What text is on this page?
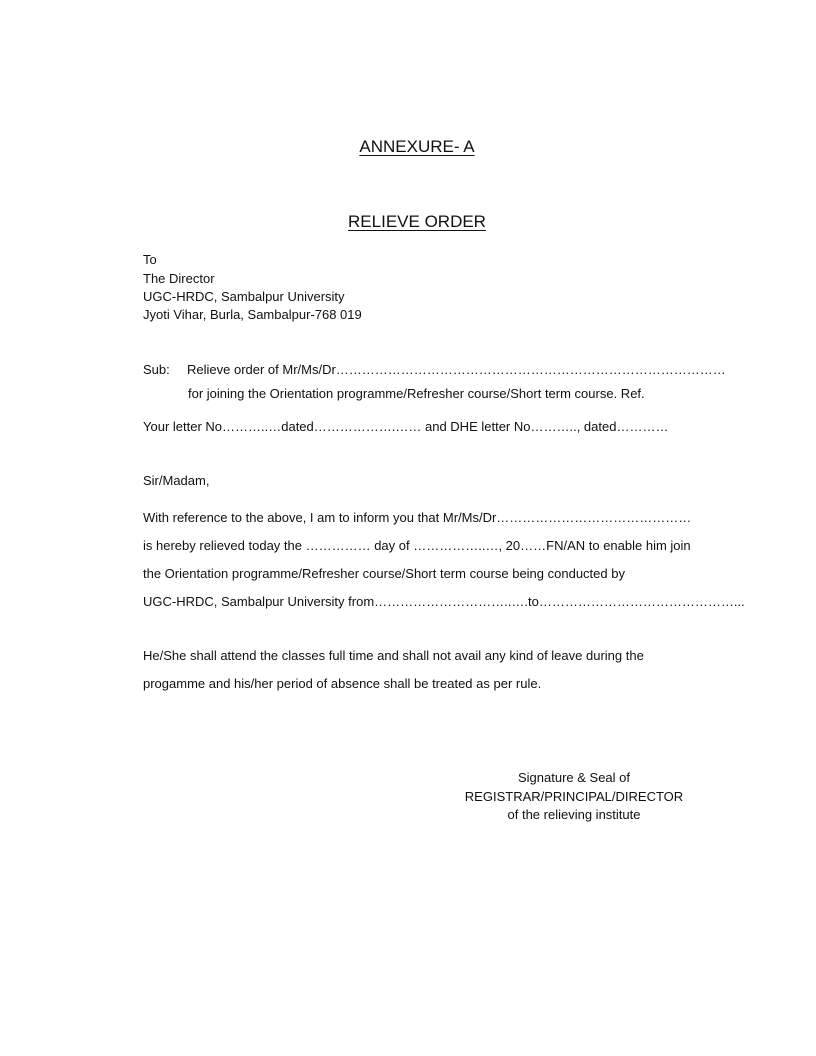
ANNEXURE- A
RELIEVE ORDER
To
The Director
UGC-HRDC, Sambalpur University
Jyoti Vihar, Burla, Sambalpur-768 019
Sub: Relieve order of Mr/Ms/Dr………………………………………………………………………………
for joining the Orientation programme/Refresher course/Short term course. Ref.
Your letter No………..…dated……………….…… and DHE letter No……….., dated…………
Sir/Madam,
With reference to the above, I am to inform you that Mr/Ms/Dr………………………………………
is hereby relieved today the …………… day of ……………..…, 20……FN/AN to enable him join
the Orientation programme/Refresher course/Short term course being conducted by
UGC-HRDC, Sambalpur University from…………………………..….to………………………………………...
He/She shall attend the classes full time and shall not avail any kind of leave during the
progamme and his/her period of absence shall be treated as per rule.
Signature & Seal of
REGISTRAR/PRINCIPAL/DIRECTOR
of the relieving institute
